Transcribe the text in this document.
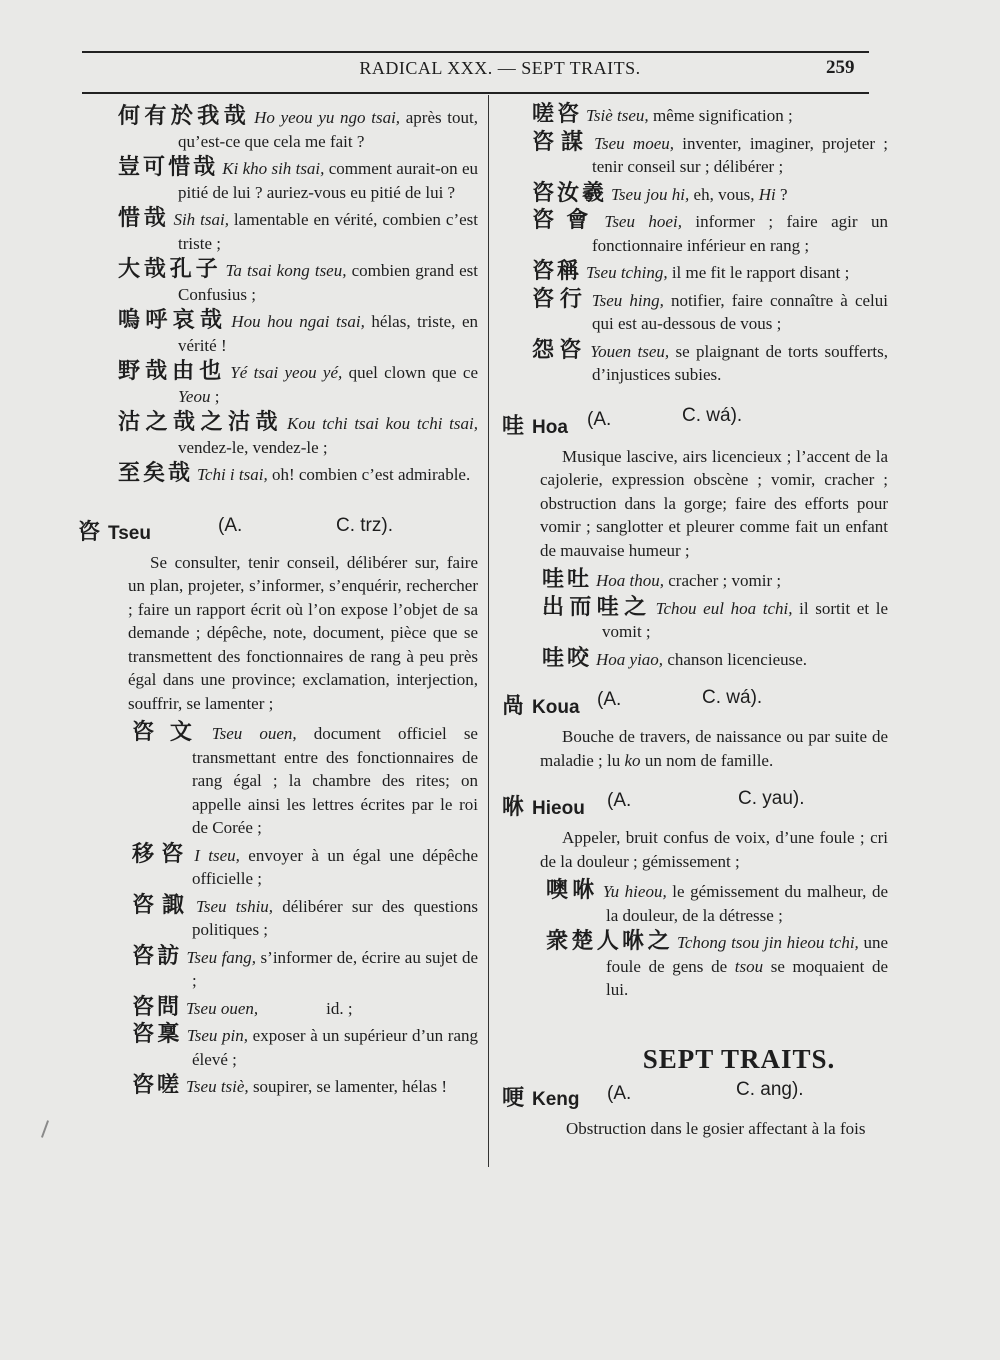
RADICAL XXX. — SEPT TRAITS.	259
何有於我哉 Ho yeou yu ngo tsai, après tout, qu’est-ce que cela me fait ?
豈可惜哉 Ki kho sih tsai, comment aurait-on eu pitié de lui ? auriez-vous eu pitié de lui ?
惜哉 Sih tsai, lamentable en vérité, combien c’est triste ;
大哉孔子 Ta tsai kong tseu, combien grand est Confusius ;
嗚呼哀哉 Hou hou ngai tsai, hélas, triste, en vérité !
野哉由也 Yé tsai yeou yé, quel clown que ce Yeou ;
沽之哉之沽哉 Kou tchi tsai kou tchi tsai, vendez-le, vendez-le ;
至矣哉 Tchi i tsai, oh! combien c’est admirable.
咨 Tseu	(A.	C. trz).
Se consulter, tenir conseil, délibérer sur, faire un plan, projeter, s’informer, s’enquérir, rechercher ; faire un rapport écrit où l’on expose l’objet de sa demande ; dépêche, note, document, pièce que se transmettent des fonctionnaires de rang à peu près égal dans une province; exclamation, interjection, souffrir, se lamenter ;
咨文 Tseu ouen, document officiel se transmettant entre des fonctionnaires de rang égal ; la chambre des rites; on appelle ainsi les lettres écrites par le roi de Corée ;
移咨 I tseu, envoyer à un égal une dépêche officielle ;
咨諏 Tseu tshiu, délibérer sur des questions politiques ;
咨訪 Tseu fang, s’informer de, écrire au sujet de ;
咨問 Tseu ouen,                id. ;
咨稟 Tseu pin, exposer à un supérieur d’un rang élevé ;
咨嗟 Tseu tsiè, soupirer, se lamenter, hélas !
嗟咨 Tsiè tseu, même signification ;
咨謀 Tseu moeu, inventer, imaginer, projeter ; tenir conseil sur ; délibérer ;
咨汝羲 Tseu jou hi, eh, vous, Hi ?
咨會 Tseu hoei, informer ; faire agir un fonctionnaire inférieur en rang ;
咨稱 Tseu tching, il me fit le rapport disant ;
咨行 Tseu hing, notifier, faire connaître à celui qui est au-dessous de vous ;
怨咨 Youen tseu, se plaignant de torts soufferts, d’injustices subies.
哇 Hoa (A.	C. wá).
Musique lascive, airs licencieux ; l’accent de la cajolerie, expression obscène ; vomir, cracher ; obstruction dans la gorge; faire des efforts pour vomir ; sanglotter et pleurer comme fait un enfant de mauvaise humeur ;
哇吐 Hoa thou, cracher ; vomir ;
出而哇之 Tchou eul hoa tchi, il sortit et le vomit ;
哇咬 Hoa yiao, chanson licencieuse.
咼 Koua (A.	C. wá).
Bouche de travers, de naissance ou par suite de maladie ; lu ko un nom de famille.
咻 Hieou (A.	C. yau).
Appeler, bruit confus de voix, d’une foule ; cri de la douleur ; gémissement ;
噢咻 Yu hieou, le gémissement du malheur, de la douleur, de la détresse ;
衆楚人咻之 Tchong tsou jin hieou tchi, une foule de gens de tsou se moquaient de lui.
SEPT TRAITS.
哽 Keng (A.	C. ang).
Obstruction dans le gosier affectant à la fois
